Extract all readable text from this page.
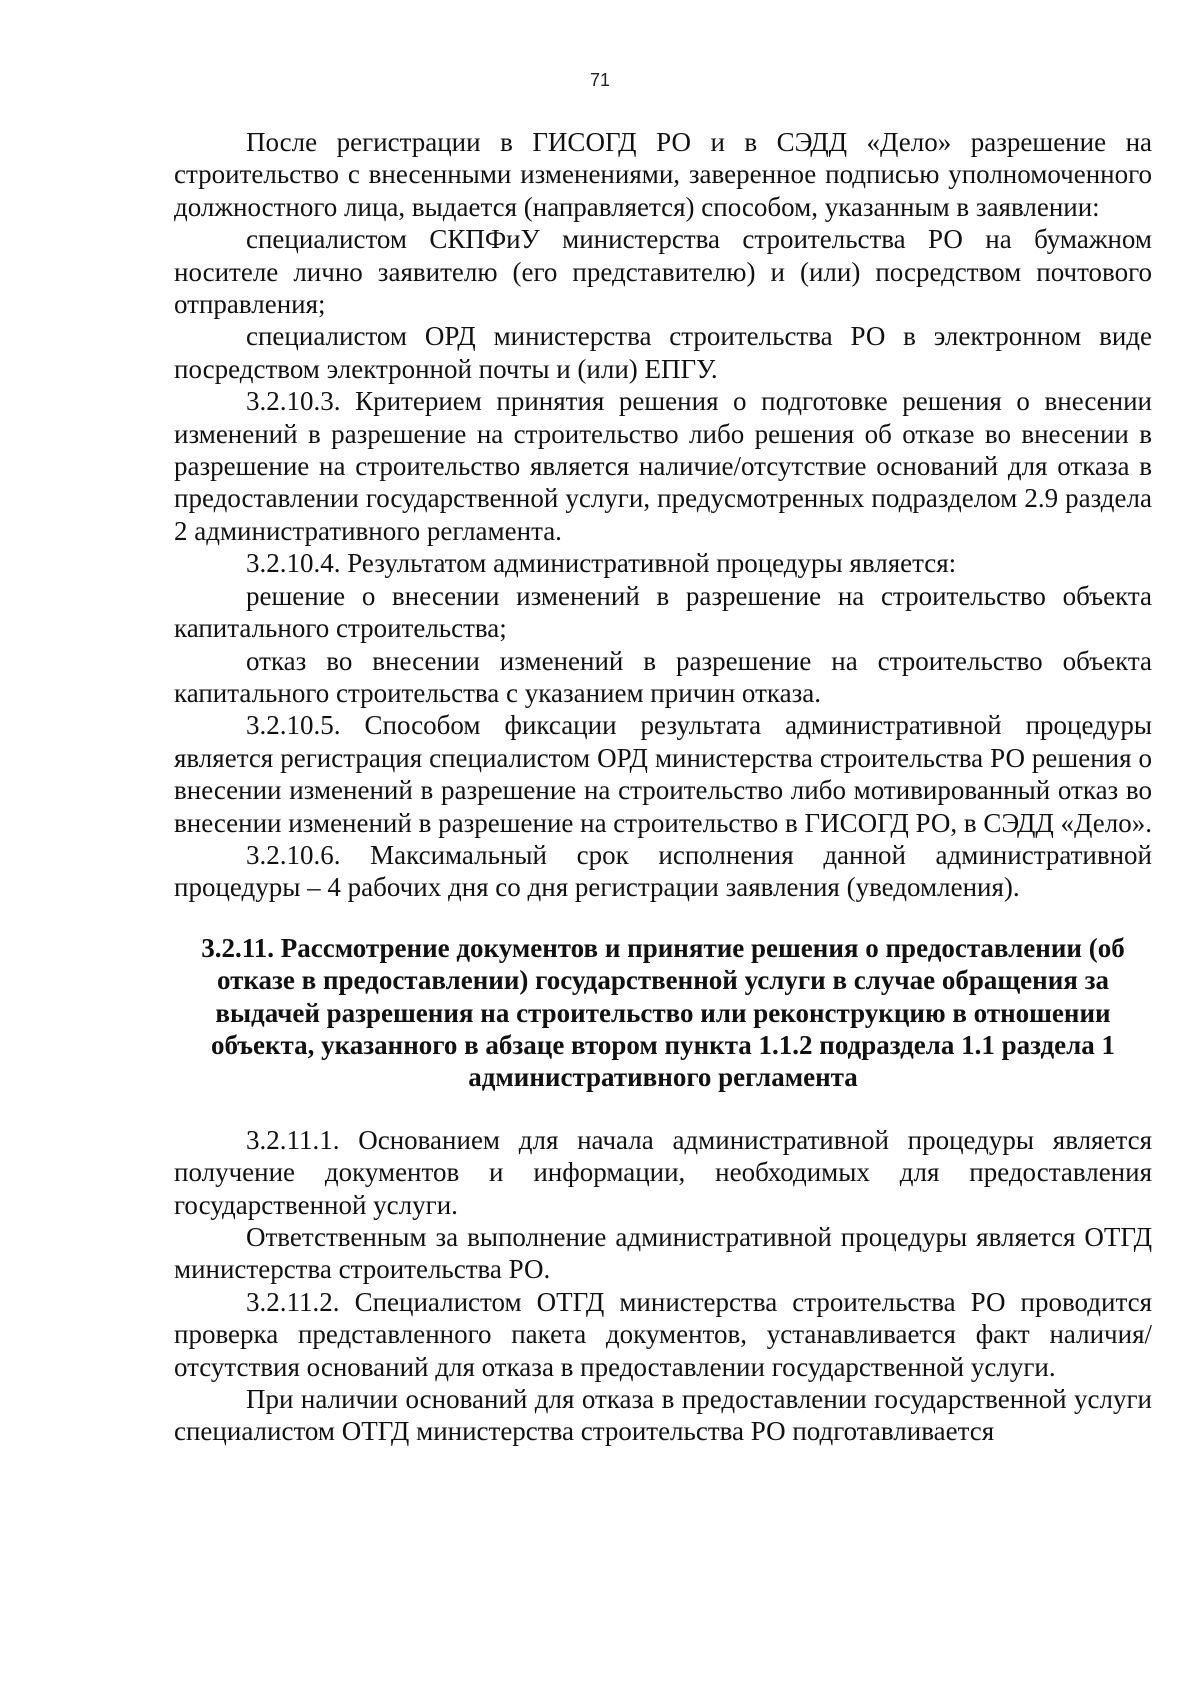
71

После регистрации в ГИСОГД РО и в СЭДД «Дело» разрешение на строительство с внесенными изменениями, заверенное подписью уполномоченного должностного лица, выдается (направляется) способом, указанным в заявлении:

специалистом СКПФиУ министерства строительства РО на бумажном носителе лично заявителю (его представителю) и (или) посредством почтового отправления;

специалистом ОРД министерства строительства РО в электронном виде посредством электронной почты и (или) ЕПГУ.

3.2.10.3. Критерием принятия решения о подготовке решения о внесении изменений в разрешение на строительство либо решения об отказе во внесении в разрешение на строительство является наличие/отсутствие оснований для отказа в предоставлении государственной услуги, предусмотренных подразделом 2.9 раздела 2 административного регламента.

3.2.10.4. Результатом административной процедуры является:

решение о внесении изменений в разрешение на строительство объекта капитального строительства;

отказ во внесении изменений в разрешение на строительство объекта капитального строительства с указанием причин отказа.

3.2.10.5. Способом фиксации результата административной процедуры является регистрация специалистом ОРД министерства строительства РО решения о внесении изменений в разрешение на строительство либо мотивированный отказ во внесении изменений в разрешение на строительство в ГИСОГД РО, в СЭДД «Дело».

3.2.10.6. Максимальный срок исполнения данной административной процедуры – 4 рабочих дня со дня регистрации заявления (уведомления).

3.2.11. Рассмотрение документов и принятие решения о предоставлении (об отказе в предоставлении) государственной услуги в случае обращения за выдачей разрешения на строительство или реконструкцию в отношении объекта, указанного в абзаце втором пункта 1.1.2 подраздела 1.1 раздела 1 административного регламента

3.2.11.1. Основанием для начала административной процедуры является получение документов и информации, необходимых для предоставления государственной услуги.

Ответственным за выполнение административной процедуры является ОТГД министерства строительства РО.

3.2.11.2. Специалистом ОТГД министерства строительства РО проводится проверка представленного пакета документов, устанавливается факт наличия/отсутствия оснований для отказа в предоставлении государственной услуги.

При наличии оснований для отказа в предоставлении государственной услуги специалистом ОТГД министерства строительства РО подготавливается
